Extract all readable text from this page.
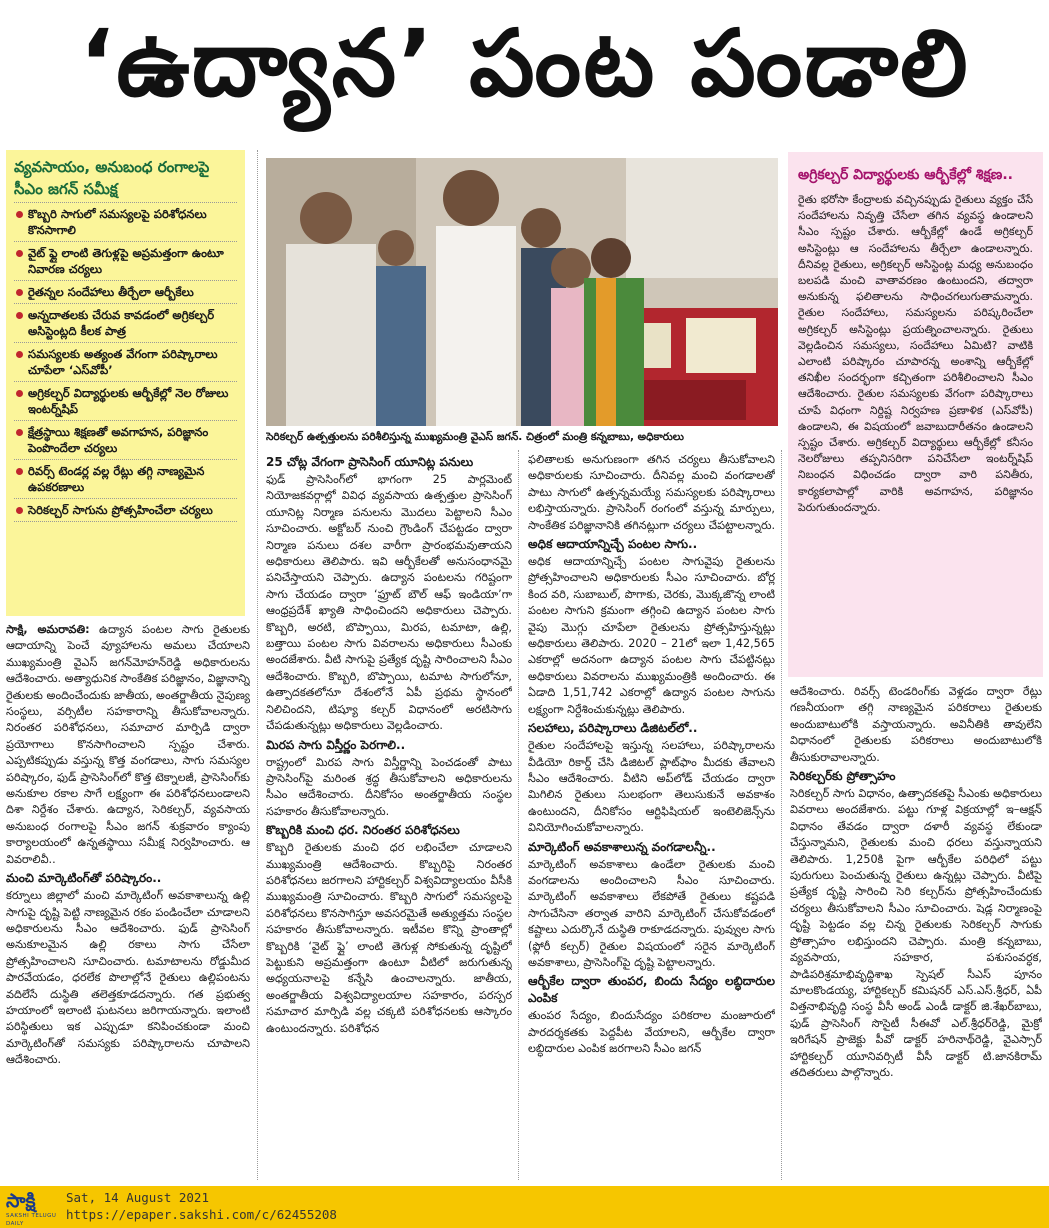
‘ఉద్యాన’ పంట పండాలి
వ్యవసాయం, అనుబంధ రంగాలపై సీఎం జగన్‌ సమీక్ష
కొబ్బరి సాగులో సమస్యలపై పరిశోధనలు కొనసాగాలి
వైట్‌ ఫ్లై లాంటి తెగుళ్లపై అప్రమత్తంగా ఉంటూ నివారణ చర్యలు
రైతన్నల సందేహాలు తీర్చేలా ఆర్బీకేలు
అన్నదాతలకు చేరువ కావడంలో అగ్రికల్చర్‌ అసిస్టెంట్లది కీలక పాత్ర
సమస్యలకు అత్యంత వేగంగా పరిష్కారాలు చూపేలా ‘ఎస్‌వోపీ’
అగ్రికల్చర్‌ విద్యార్థులకు ఆర్బీకేల్లో నెల రోజులు ఇంటర్న్‌షిప్‌
క్షేత్రస్థాయి శిక్షణతో అవగాహన, పరిజ్ఞానం పెంపొందేలా చర్యలు
రివర్స్‌ టెండర్ల వల్ల రేట్లు తగ్గి నాణ్యమైన ఉపకరణాలు
సెరికల్చర్‌ సాగును ప్రోత్సహించేలా చర్యలు
సెరికల్చర్‌ ఉత్పత్తులను పరిశీలిస్తున్న ముఖ్యమంత్రి వైఎస్‌ జగన్‌. చిత్రంలో మంత్రి కన్నబాబు, అధికారులు
అగ్రికల్చర్‌ విద్యార్థులకు ఆర్బీకేల్లో శిక్షణ..
రైతు భరోసా కేంద్రాలకు వచ్చినప్పుడు రైతులు వ్యక్తం చేసే సందేహాలను నివృత్తి చేసేలా తగిన వ్యవస్థ ఉండాలని సీఎం స్పష్టం చేశారు. ఆర్బీకేల్లో ఉండే అగ్రికల్చర్‌ అసిస్టెంట్లు ఆ సందేహాలను తీర్చేలా ఉండాలన్నారు. దీనివల్ల రైతులు, అగ్రికల్చర్‌ అసిస్టెంట్ల మధ్య అనుబంధం బలపడి మంచి వాతావరణం ఉంటుందని, తద్వారా అనుకున్న ఫలితాలను సాధించగలుగుతామన్నారు. రైతుల సందేహాలు, సమస్యలను పరిష్కరించేలా అగ్రికల్చర్‌ అసిస్టెంట్లు ప్రయత్నించాలన్నారు. రైతులు వెల్లడించిన సమస్యలు, సందేహాలు ఏమిటి? వాటికి ఎలాంటి పరిష్కారం చూపారన్న అంశాన్ని ఆర్బీకేల్లో తనిఖీల సందర్భంగా కచ్చితంగా పరిశీలించాలని సీఎం ఆదేశించారు. రైతుల సమస్యలకు వేగంగా పరిష్కారాలు చూపే విధంగా నిర్దిష్ట నిర్వహణ ప్రణాళిక (ఎస్‌వోపీ) ఉండాలని, ఈ విషయంలో జవాబుదారీతనం ఉండాలని స్పష్టం చేశారు. అగ్రికల్చర్‌ విద్యార్థులు ఆర్బీకేల్లో కనీసం నెలరోజులు తప్పనిసరిగా పనిచేసేలా ఇంటర్న్‌షిప్‌ నిబంధన విధించడం ద్వారా వారి పనితీరు, కార్యకలాపాల్లో వారికి అవగాహన, పరిజ్ఞానం పెరుగుతుందన్నారు.

సాక్షి, అమరావతి: ఉద్యాన పంటల సాగు రైతులకు ఆదాయాన్ని పెంచే వ్యూహాలను అమలు చేయాలని ముఖ్యమంత్రి వైఎస్‌ జగన్‌మోహన్‌రెడ్డి అధికారులను ఆదేశించారు. అత్యాధునిక సాంకేతిక పరిజ్ఞానం, విజ్ఞానాన్ని రైతులకు అందించేందుకు జాతీయ, అంతర్జాతీయ నైపుణ్య సంస్థలు, వర్సిటీల సహకారాన్ని తీసుకోవాలన్నారు. నిరంతర పరిశోధనలు, సమాచార మార్పిడి ద్వారా ప్రయోగాలు కొనసాగించాలని స్పష్టం చేశారు. ఎప్పటికప్పుడు వస్తున్న కొత్త వంగడాలు, సాగు సమస్యల పరిష్కారం, ఫుడ్‌ ప్రాసెసింగ్‌లో కొత్త టెక్నాలజీ, ప్రాసెసింగ్‌కు అనుకూల రకాల సాగే లక్ష్యంగా ఈ పరిశోధనలుండాలని దిశా నిర్దేశం చేశారు. ఉద్యాన, సెరికల్చర్‌, వ్యవసాయ అనుబంధ రంగాలపై సీఎం జగన్‌ శుక్రవారం క్యాంపు కార్యాలయంలో ఉన్నతస్థాయి సమీక్ష నిర్వహించారు. ఆ వివరాలివీ..

మంచి మార్కెటింగ్‌తో పరిష్కారం..

కర్నూలు జిల్లాలో మంచి మార్కెటింగ్‌ అవకాశాలున్న ఉల్లి సాగుపై దృష్టి పెట్టి నాణ్యమైన రకం పండించేలా చూడాలని అధికారులను సీఎం ఆదేశించారు. ఫుడ్‌ ప్రాసెసింగ్‌ అనుకూలమైన ఉల్లి రకాలు సాగు చేసేలా ప్రోత్సహించాలని సూచించారు. టమాటాలను రోడ్డుమీద పారవేయడం, ధరలేక పొలాల్లోనే రైతులు ఉల్లిపంటను వదిలేసే దుస్థితి తలెత్తకూడదన్నారు. గత ప్రభుత్వ హయాంలో ఇలాంటి ఘటనలు జరిగాయన్నారు. ఇలాంటి పరిస్థితులు ఇక ఎప్పుడూ కనిపించకుండా మంచి మార్కెటింగ్‌తో సమస్యకు పరిష్కారాలను చూపాలని ఆదేశించారు.

25 చోట్ల వేగంగా ప్రాసెసింగ్‌ యూనిట్ల పనులు

ఫుడ్‌ ప్రాసెసింగ్‌లో భాగంగా 25 పార్లమెంట్‌ నియోజకవర్గాల్లో వివిధ వ్యవసాయ ఉత్పత్తుల ప్రాసెసింగ్‌ యూనిట్ల నిర్మాణ పనులను మొదలు పెట్టాలని సీఎం సూచించారు. అక్టోబర్‌ నుంచి గ్రౌండింగ్‌ చేపట్టడం ద్వారా నిర్మాణ పనులు దశల వారీగా ప్రారంభమవుతాయని అధికారులు తెలిపారు. ఇవి ఆర్బీకేలతో అనుసంధానమై పనిచేస్తాయని చెప్పారు. ఉద్యాన పంటలను గరిష్టంగా సాగు చేయడం ద్వారా ‘ఫ్రూట్‌ బౌల్‌ ఆఫ్‌ ఇండియా’గా ఆంధ్రప్రదేశ్‌ ఖ్యాతి సాధించిందని అధికారులు చెప్పారు. కొబ్బరి, అరటి, బొప్పాయి, మిరప, టమాటా, ఉల్లి, బత్తాయి పంటల సాగు వివరాలను అధికారులు సీఎంకు అందజేశారు. వీటి సాగుపై ప్రత్యేక దృష్టి సారించాలని సీఎం ఆదేశించారు. కొబ్బరి, బొప్పాయి, టమాట సాగులోనూ, ఉత్పాదకతలోనూ దేశంలోనే ఏపీ ప్రథమ స్థానంలో నిలిచిందని, టిష్యూ కల్చర్‌ విధానంలో అరటిసాగు చేపడుతున్నట్లు అధికారులు వెల్లడించారు.

మిరప సాగు విస్తీర్ణం పెరగాలి..

రాష్ట్రంలో మిరప సాగు విస్తీర్ణాన్ని పెంచడంతో పాటు ప్రాసెసింగ్‌పై మరింత శ్రద్ధ తీసుకోవాలని అధికారులను సీఎం ఆదేశించారు. దీనికోసం అంతర్జాతీయ సంస్థల సహకారం తీసుకోవాలన్నారు.

కొబ్బరికి మంచి ధర. నిరంతర పరిశోధనలు

కొబ్బరి రైతులకు మంచి ధర లభించేలా చూడాలని ముఖ్యమంత్రి ఆదేశించారు. కొబ్బరిపై నిరంతర పరిశోధనలు జరగాలని హార్టికల్చర్‌ విశ్వవిద్యాలయం వీసీకి ముఖ్యమంత్రి సూచించారు. కొబ్బరి సాగులో సమస్యలపై పరిశోధనలు కొనసాగిస్తూ అవసరమైతే అత్యుత్తమ సంస్థల సహకారం తీసుకోవాలన్నారు. ఇటీవల కొన్ని ప్రాంతాల్లో కొబ్బరికి ‘వైట్‌ ఫ్లై’ లాంటి తెగుళ్ల సోకుతున్న దృష్టిలో పెట్టుకుని అప్రమత్తంగా ఉంటూ వీటిలో జరుగుతున్న అధ్యయనాలపై కన్నేసి ఉంచాలన్నారు. జాతీయ, అంతర్జాతీయ విశ్వవిద్యాలయాల సహకారం, పరస్పర సమాచార మార్పిడి వల్ల చక్కటి పరిశోధనలకు ఆస్కారం ఉంటుందన్నారు. పరిశోధన

ఫలితాలకు అనుగుణంగా తగిన చర్యలు తీసుకోవాలని అధికారులకు సూచించారు. దీనివల్ల మంచి వంగడాలతో పాటు సాగులో ఉత్పన్నమయ్యే సమస్యలకు పరిష్కారాలు లభిస్తాయన్నారు. ప్రాసెసింగ్‌ రంగంలో వస్తున్న మార్పులు, సాంకేతిక పరిజ్ఞానానికి తగినట్లుగా చర్యలు చేపట్టాలన్నారు.

అధిక ఆదాయాన్నిచ్చే పంటల సాగు..

అధిక ఆదాయాన్నిచ్చే పంటల సాగువైపు రైతులను ప్రోత్సహించాలని అధికారులకు సీఎం సూచించారు. బోర్ల కింద వరి, సుబాబుల్‌, పొగాకు, చెరకు, మొక్కజొన్న లాంటి పంటల సాగుని క్రమంగా తగ్గించి ఉద్యాన పంటల సాగు వైపు మొగ్గు చూపేలా రైతులను ప్రోత్సహిస్తున్నట్లు అధికారులు తెలిపారు. 2020 – 21లో ఇలా 1,42,565 ఎకరాల్లో అదనంగా ఉద్యాన పంటల సాగు చేపట్టినట్లు అధికారులు వివరాలను ముఖ్యమంత్రికి అందించారు. ఈ ఏడాది 1,51,742 ఎకరాల్లో ఉద్యాన పంటల సాగును లక్ష్యంగా నిర్దేశించుకున్నట్లు తెలిపారు.

సలహాలు, పరిష్కారాలు డిజిటల్‌లో..

రైతుల సందేహాలపై ఇస్తున్న సలహాలు, పరిష్కారాలను వీడియో రికార్డ్‌ చేసి డిజిటల్‌ ప్లాట్‌ఫాం మీదకు తేవాలని సీఎం ఆదేశించారు. వీటిని అప్‌లోడ్‌ చేయడం ద్వారా మిగిలిన రైతులు సులభంగా తెలుసుకునే అవకాశం ఉంటుందని, దీనికోసం ఆర్టిఫిషియల్‌ ఇంటెలిజెన్స్‌ను వినియోగించుకోవాలన్నారు.

మార్కెటింగ్‌ అవకాశాలున్న వంగడాలన్నీ..

మార్కెటింగ్‌ అవకాశాలు ఉండేలా రైతులకు మంచి వంగడాలను అందించాలని సీఎం సూచించారు. మార్కెటింగ్‌ అవకాశాలు లేకపోతే రైతులు కష్టపడి సాగుచేసినా తర్వాత వారిని మార్కెటింగ్‌ చేసుకోవడంలో కష్టాలు ఎదుర్కొనే దుస్థితి రాకూడదన్నారు. పువ్వుల సాగు (ఫ్లోరీ కల్చర్‌) రైతుల విషయంలో సరైన మార్కెటింగ్‌ అవకాశాలు, ప్రాసెసింగ్‌పై దృష్టి పెట్టాలన్నారు.

ఆర్బీకేల ద్వారా తుంపర, బిందు సేద్యం లబ్ధిదారుల ఎంపిక

తుంపర సేద్యం, బిందుసేద్యం పరికరాల మంజూరులో పారదర్శకతకు పెద్దపీట వేయాలని, ఆర్బీకేల ద్వారా లబ్ధిదారుల ఎంపిక జరగాలని సీఎం జగన్‌

ఆదేశించారు. రివర్స్‌ టెండరింగ్‌కు వెళ్లడం ద్వారా రేట్లు గణనీయంగా తగ్గి నాణ్యమైన పరికరాలు రైతులకు అందుబాటులోకి వస్తాయన్నారు. అవినీతికి తావులేని విధానంలో రైతులకు పరికరాలు అందుబాటులోకి తీసుకురావాలన్నారు.

సెరికల్చర్‌కు ప్రోత్సాహం

సెరికల్చర్‌ సాగు విధానం, ఉత్పాదకతపై సీఎంకు అధికారులు వివరాలు అందజేశారు. పట్టు గూళ్ల విక్రయాల్లో ఇ–ఆక్షన్‌ విధానం తేవడం ద్వారా దళారీ వ్యవస్థ లేకుండా చేస్తున్నామని, రైతులకు మంచి ధరలు వస్తున్నాయని తెలిపారు. 1,250కి పైగా ఆర్బీకేల పరిధిలో పట్టు పురుగులు పెంచుతున్న రైతులు ఉన్నట్లు చెప్పారు. వీటిపై ప్రత్యేక దృష్టి సారించి సెరి కల్చర్‌ను ప్రోత్సహించేందుకు చర్యలు తీసుకోవాలని సీఎం సూచించారు. షెడ్ల నిర్మాణంపై దృష్టి పెట్టడం వల్ల చిన్న రైతులకు సెరికల్చర్‌ సాగుకు ప్రోత్సాహం లభిస్తుందని చెప్పారు. మంత్రి కన్నబాబు, వ్యవసాయ, సహకార, పశుసంవర్ధక, పాడిపరిశ్రమాభివృద్ధిశాఖ స్పెషల్‌ సీఎస్‌ పూనం మాలకొండయ్య, హార్టికల్చర్‌ కమిషనర్‌ ఎస్‌.ఎస్‌.శ్రీధర్‌, ఏపీ విత్తనాభివృద్ధి సంస్థ వీసీ అండ్‌ ఎండీ డాక్టర్‌ జి.శేఖర్‌బాబు, ఫుడ్‌ ప్రాసెసింగ్‌ సొసైటీ సీఈవో ఎల్‌.శ్రీధర్‌రెడ్డి, మైక్రో ఇరిగేషన్‌ ప్రాజెక్టు పీవో డాక్టర్‌ హరినాథ్‌రెడ్డి, వైఎస్సార్‌ హార్టికల్చర్‌ యూనివర్సిటీ వీసీ డాక్టర్‌ టి.జానకిరామ్‌ తదితరులు పాల్గొన్నారు.

సాక్షి
SAKSHI TELUGU DAILY
Sat, 14 August 2021
https://epaper.sakshi.com/c/62455208
